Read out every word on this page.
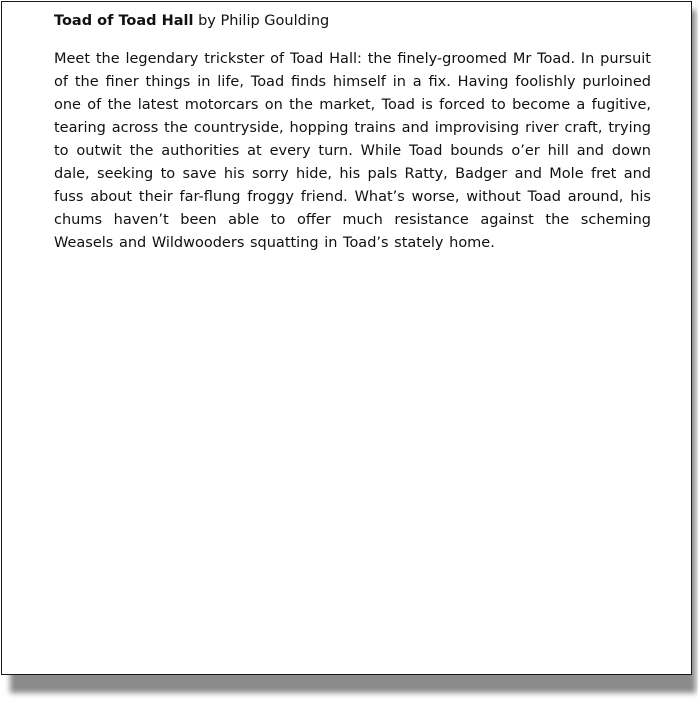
Toad of Toad Hall by Philip Goulding

Meet the legendary trickster of Toad Hall: the finely-groomed Mr Toad. In pursuit of the finer things in life, Toad finds himself in a fix. Having foolishly purloined one of the latest motorcars on the market, Toad is forced to become a fugitive, tearing across the countryside, hopping trains and improvising river craft, trying to outwit the authorities at every turn. While Toad bounds o’er hill and down dale, seeking to save his sorry hide, his pals Ratty, Badger and Mole fret and fuss about their far-flung froggy friend. What’s worse, without Toad around, his chums haven’t been able to offer much resistance against the scheming Weasels and Wildwooders squatting in Toad’s stately home.
